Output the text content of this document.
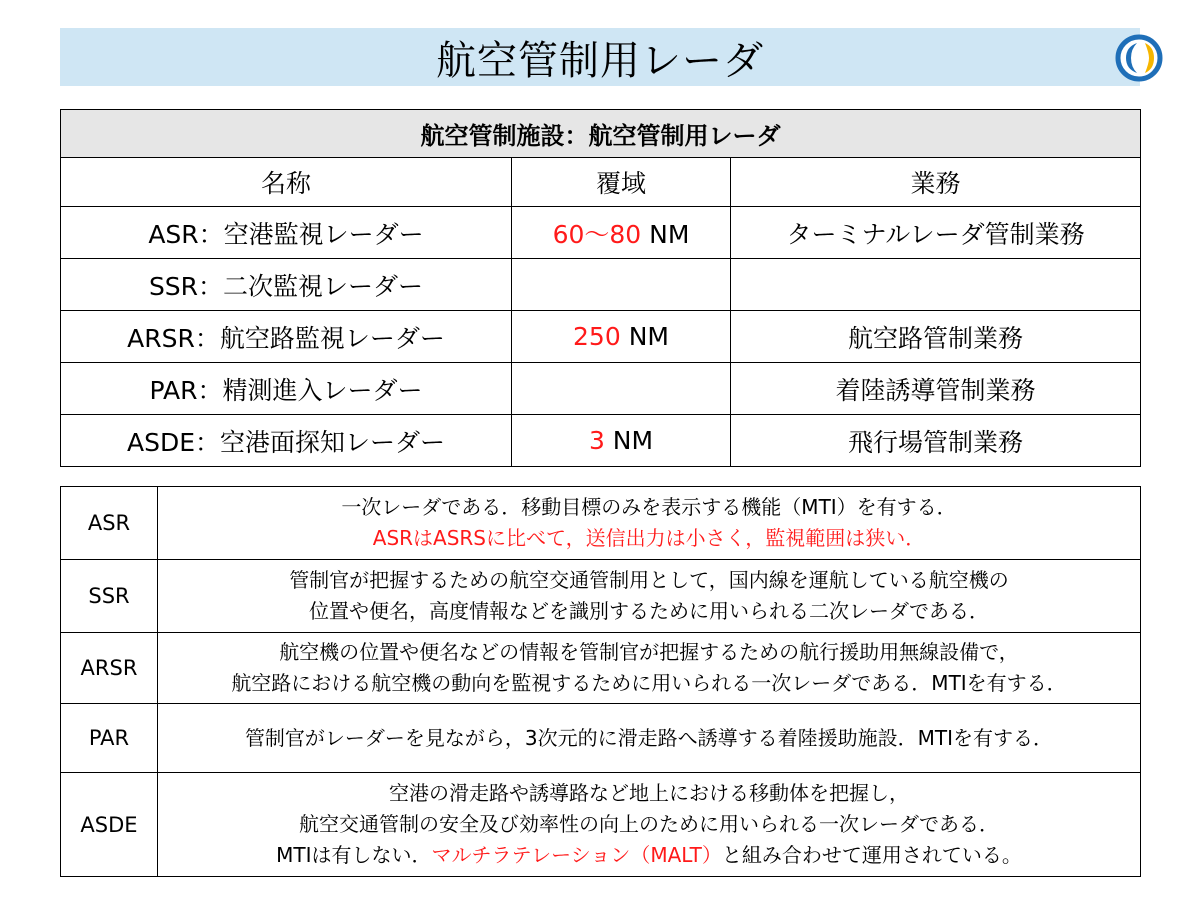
航空管制用レーダ
航空管制施設：航空管制用レーダ		
名称	覆域	業務
ASR：空港監視レーダー	60～80 NM	ターミナルレーダ管制業務
SSR：二次監視レーダー		
ARSR：航空路監視レーダー	250 NM	航空路管制業務
PAR：精測進入レーダー		着陸誘導管制業務
ASDE：空港面探知レーダー	3 NM	飛行場管制業務
ASR	一次レーダである．移動目標のみを表示する機能（MTI）を有する．
ASRはASRSに比べて，送信出力は小さく，監視範囲は狭い．

SSR	管制官が把握するための航空交通管制用として，国内線を運航している航空機の
位置や便名，高度情報などを識別するために用いられる二次レーダである．

ARSR	航空機の位置や便名などの情報を管制官が把握するための航行援助用無線設備で，
航空路における航空機の動向を監視するために用いられる一次レーダである．MTIを有する．

PAR	管制官がレーダーを見ながら，3次元的に滑走路へ誘導する着陸援助施設．MTIを有する．

ASDE	空港の滑走路や誘導路など地上における移動体を把握し，
航空交通管制の安全及び効率性の向上のために用いられる一次レーダである．
MTIは有しない．マルチラテレーション（MALT）と組み合わせて運用されている。
